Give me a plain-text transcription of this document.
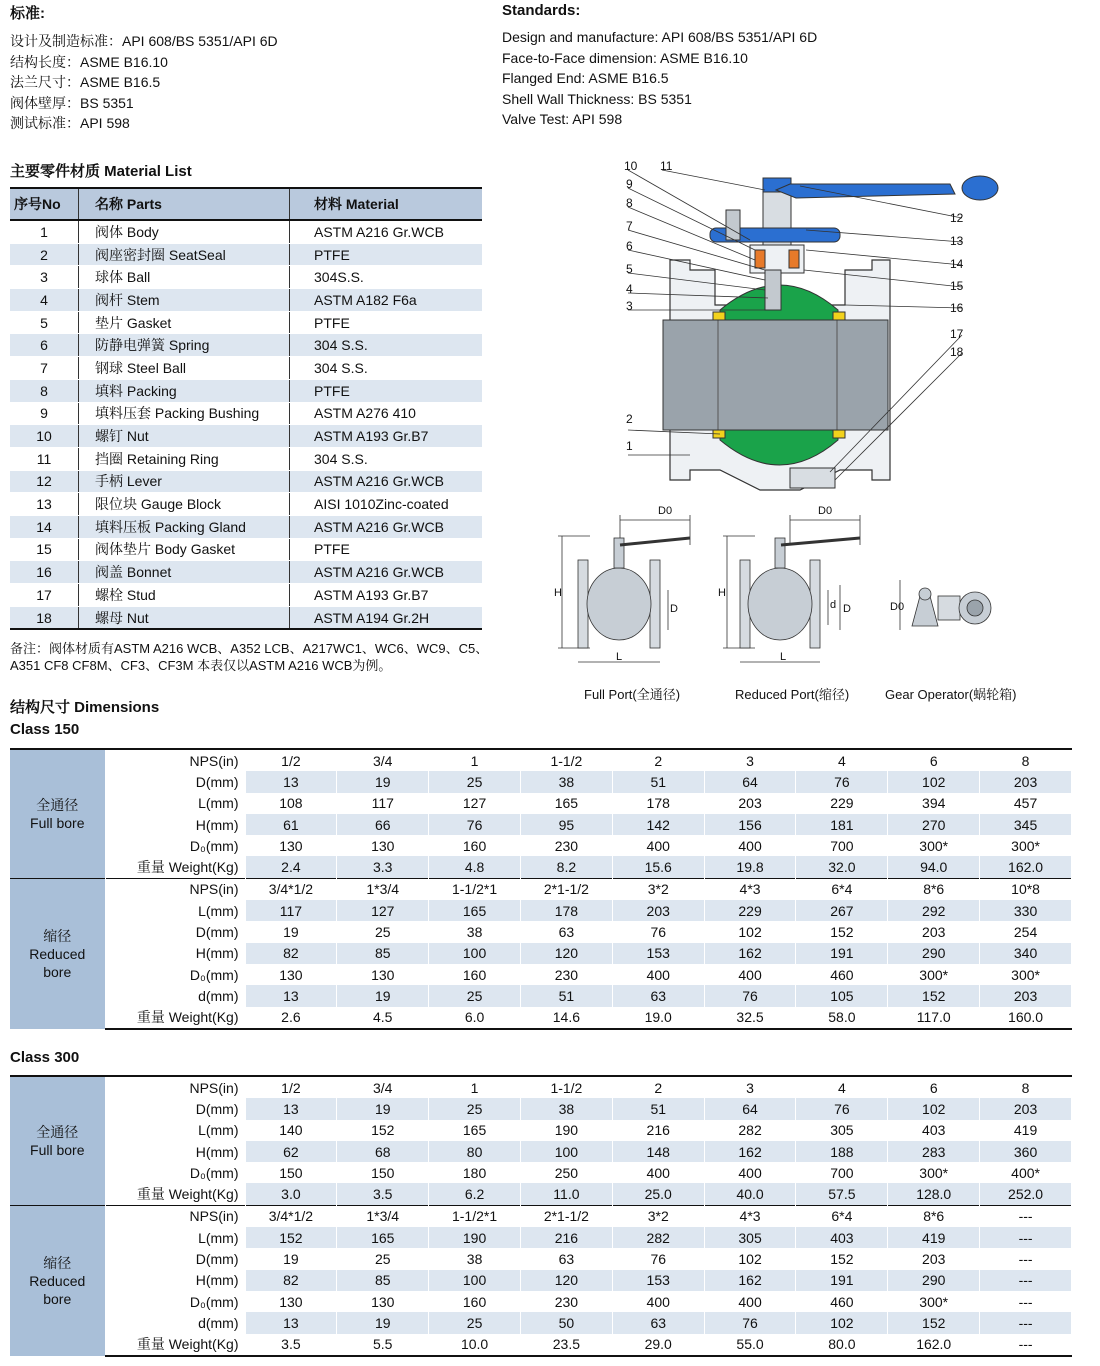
标准:
设计及制造标准：API 608/BS 5351/API 6D
结构长度：ASME B16.10
法兰尺寸：ASME B16.5
阀体壁厚：BS 5351
测试标准：API 598
Standards:
Design and manufacture: API 608/BS 5351/API 6D
Face-to-Face dimension: ASME B16.10
Flanged End: ASME B16.5
Shell Wall Thickness: BS 5351
Valve Test: API 598
主要零件材质 Material List
序号No	名称 Parts	材料 Material
1	阀体 Body	ASTM A216 Gr.WCB
2	阀座密封圈 SeatSeal	PTFE
3	球体 Ball	304S.S.
4	阀杆 Stem	ASTM A182 F6a
5	垫片 Gasket	PTFE
6	防静电弹簧 Spring	304 S.S.
7	钢球 Steel Ball	304 S.S.
8	填料 Packing	PTFE
9	填料压套 Packing Bushing	ASTM A276 410
10	螺钉 Nut	ASTM A193 Gr.B7
11	挡圈 Retaining Ring	304 S.S.
12	手柄 Lever	ASTM A216 Gr.WCB
13	限位块 Gauge Block	AISI 1010Zinc-coated
14	填料压板 Packing Gland	ASTM A216 Gr.WCB
15	阀体垫片 Body Gasket	PTFE
16	阀盖 Bonnet	ASTM A216 Gr.WCB
17	螺栓 Stud	ASTM A193 Gr.B7
18	螺母 Nut	ASTM A194 Gr.2H
备注：阀体材质有ASTM A216 WCB、A352 LCB、A217WC1、WC6、WC9、C5、
A351 CF8 CF8M、CF3、CF3M 本表仅以ASTM A216 WCB为例。
10
9
8
7
6
5
4
3
2
1
11
12
13
14
15
16
17
18
D0
H
D
L
D0
H
d D
L
D0
Full Port(全通径)	Reduced Port(缩径)	Gear Operator(蜗轮箱)
结构尺寸 Dimensions
Class 150
全通径
Full bore	NPS(in)	1/2	3/4	1	1-1/2	2	3	4	6	8
	D(mm)	13	19	25	38	51	64	76	102	203
	L(mm)	108	117	127	165	178	203	229	394	457
	H(mm)	61	66	76	95	142	156	181	270	345
	D₀(mm)	130	130	160	230	400	400	700	300*	300*
	重量 Weight(Kg)	2.4	3.3	4.8	8.2	15.6	19.8	32.0	94.0	162.0

缩径
Reduced
bore	NPS(in)	3/4*1/2	1*3/4	1-1/2*1	2*1-1/2	3*2	4*3	6*4	8*6	10*8
	L(mm)	117	127	165	178	203	229	267	292	330
	D(mm)	19	25	38	63	76	102	152	203	254
	H(mm)	82	85	100	120	153	162	191	290	340
	D₀(mm)	130	130	160	230	400	400	460	300*	300*
	d(mm)	13	19	25	51	63	76	105	152	203
	重量 Weight(Kg)	2.6	4.5	6.0	14.6	19.0	32.5	58.0	117.0	160.0
Class 300
全通径
Full bore	NPS(in)	1/2	3/4	1	1-1/2	2	3	4	6	8
	D(mm)	13	19	25	38	51	64	76	102	203
	L(mm)	140	152	165	190	216	282	305	403	419
	H(mm)	62	68	80	100	148	162	188	283	360
	D₀(mm)	150	150	180	250	400	400	700	300*	400*
	重量 Weight(Kg)	3.0	3.5	6.2	11.0	25.0	40.0	57.5	128.0	252.0

缩径
Reduced
bore	NPS(in)	3/4*1/2	1*3/4	1-1/2*1	2*1-1/2	3*2	4*3	6*4	8*6	---
	L(mm)	152	165	190	216	282	305	403	419	---
	D(mm)	19	25	38	63	76	102	152	203	---
	H(mm)	82	85	100	120	153	162	191	290	---
	D₀(mm)	130	130	160	230	400	400	460	300*	---
	d(mm)	13	19	25	50	63	76	102	152	---
	重量 Weight(Kg)	3.5	5.5	10.0	23.5	29.0	55.0	80.0	162.0	---
